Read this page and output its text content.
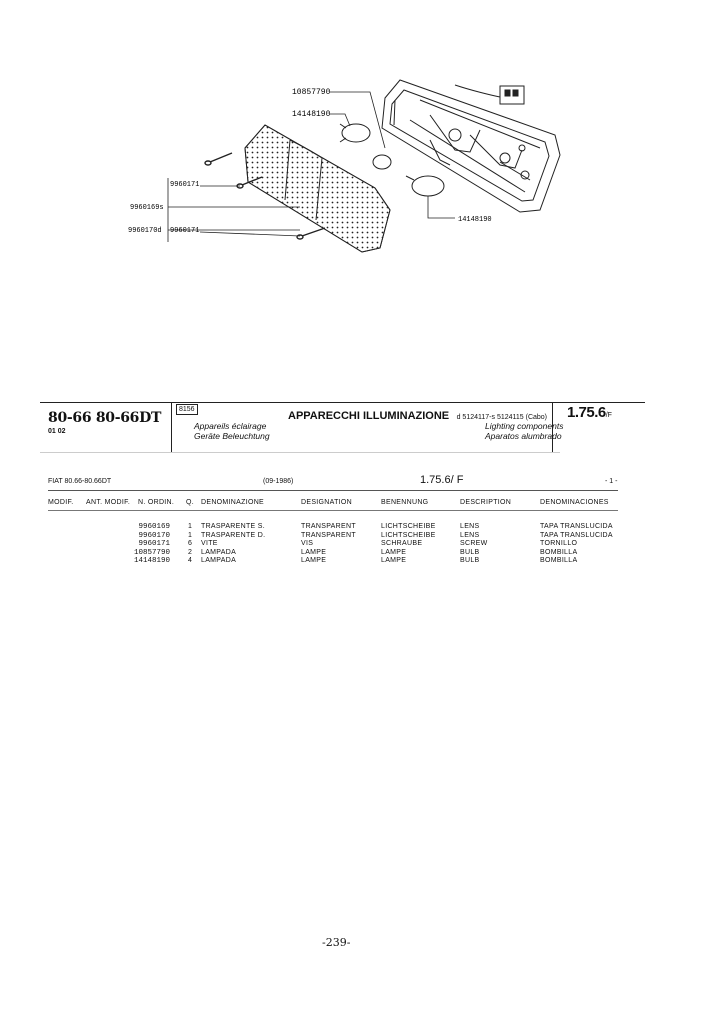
10857790
14148190
9960171
9960169s
9960170d 9960171
14148190
80-66 80-66DT
01 02
8156
APPARECCHI ILLUMINAZIONE d 5124117-s 5124115 (Cabo)
Appareils éclairage
Geräte Beleuchtung
Lighting components
Aparatos alumbrado
1.75.6/F
FIAT 80.66-80.66DT	(09-1986)	1.75.6/ F	- 1 -
MODIF. ANT. MODIF. N. ORDIN. Q. DENOMINAZIONE	DESIGNATION	BENENNUNG	DESCRIPTION	DENOMINACIONES
9960169	1 TRASPARENTE S.	TRANSPARENT	LICHTSCHEIBE	LENS	TAPA TRANSLUCIDA
9960170	1 TRASPARENTE D.	TRANSPARENT	LICHTSCHEIBE	LENS	TAPA TRANSLUCIDA
9960171	6 VITE	VIS	SCHRAUBE	SCREW	TORNILLO
10857790	2 LAMPADA	LAMPE	LAMPE	BULB	BOMBILLA
14148190	4 LAMPADA	LAMPE	LAMPE	BULB	BOMBILLA
-239-
